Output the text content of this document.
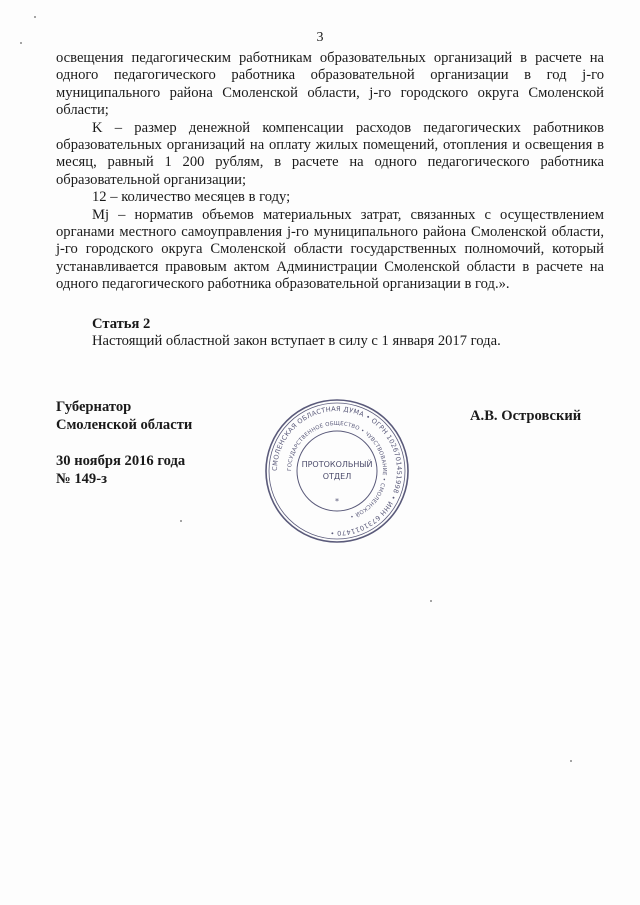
3

освещения педагогическим работникам образовательных организаций в расчете на одного педагогического работника образовательной организации в год j-го муниципального района Смоленской области, j-го городского округа Смоленской области;

K – размер денежной компенсации расходов педагогических работников образовательных организаций на оплату жилых помещений, отопления и освещения в месяц, равный 1 200 рублям, в расчете на одного педагогического работника образовательной организации;

12 – количество месяцев в году;

Mj – норматив объемов материальных затрат, связанных с осуществлением органами местного самоуправления j-го муниципального района Смоленской области, j-го городского округа Смоленской области государственных полномочий, который устанавливается правовым актом Администрации Смоленской области в расчете на одного педагогического работника образовательной организации в год.».

Статья 2
Настоящий областной закон вступает в силу с 1 января 2017 года.
Губернатор
Смоленской области
30 ноября 2016 года
№ 149-з
А.В. Островский
СМОЛЕНСКАЯ ОБЛАСТНАЯ ДУМА • ОГРН 1026701451998 • ИНН 6731011470 •
ГОСУДАРСТВЕННОЕ ОБЩЕСТВО • ЧУВСТВОВАНИЕ • СМОЛЕНСКОЙ •
ПРОТОКОЛЬНЫЙ
ОТДЕЛ
*
